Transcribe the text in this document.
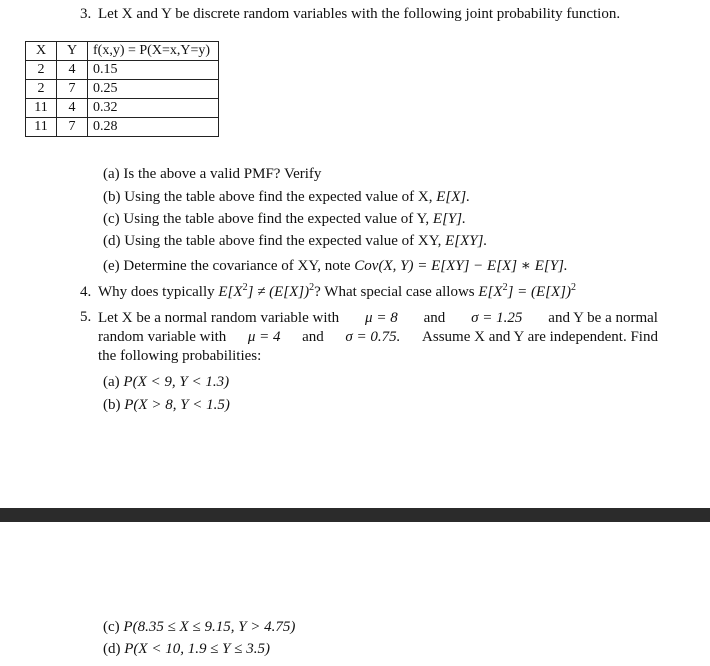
3. Let X and Y be discrete random variables with the following joint probability function.
X	Y	f(x,y) = P(X=x,Y=y)
2	4	0.15
2	7	0.25
11	4	0.32
11	7	0.28
(a) Is the above a valid PMF? Verify
(b) Using the table above find the expected value of X, E[X].
(c) Using the table above find the expected value of Y, E[Y].
(d) Using the table above find the expected value of XY, E[XY].
(e) Determine the covariance of XY, note Cov(X, Y) = E[XY] − E[X] ∗ E[Y].
4. Why does typically $E[X^2] \ne (E[X])^2$? What special case allows $E[X^2] = (E[X])^2$
5. Let X be a normal random variable with μ = 8 and σ = 1.25 and Y be a normal
random variable with μ = 4 and σ = 0.75. Assume X and Y are independent. Find
the following probabilities:
(a) P(X < 9, Y < 1.3)
(b) P(X > 8, Y < 1.5)
(c) P(8.35 ≤ X ≤ 9.15, Y > 4.75)
(d) P(X < 10, 1.9 ≤ Y ≤ 3.5)
